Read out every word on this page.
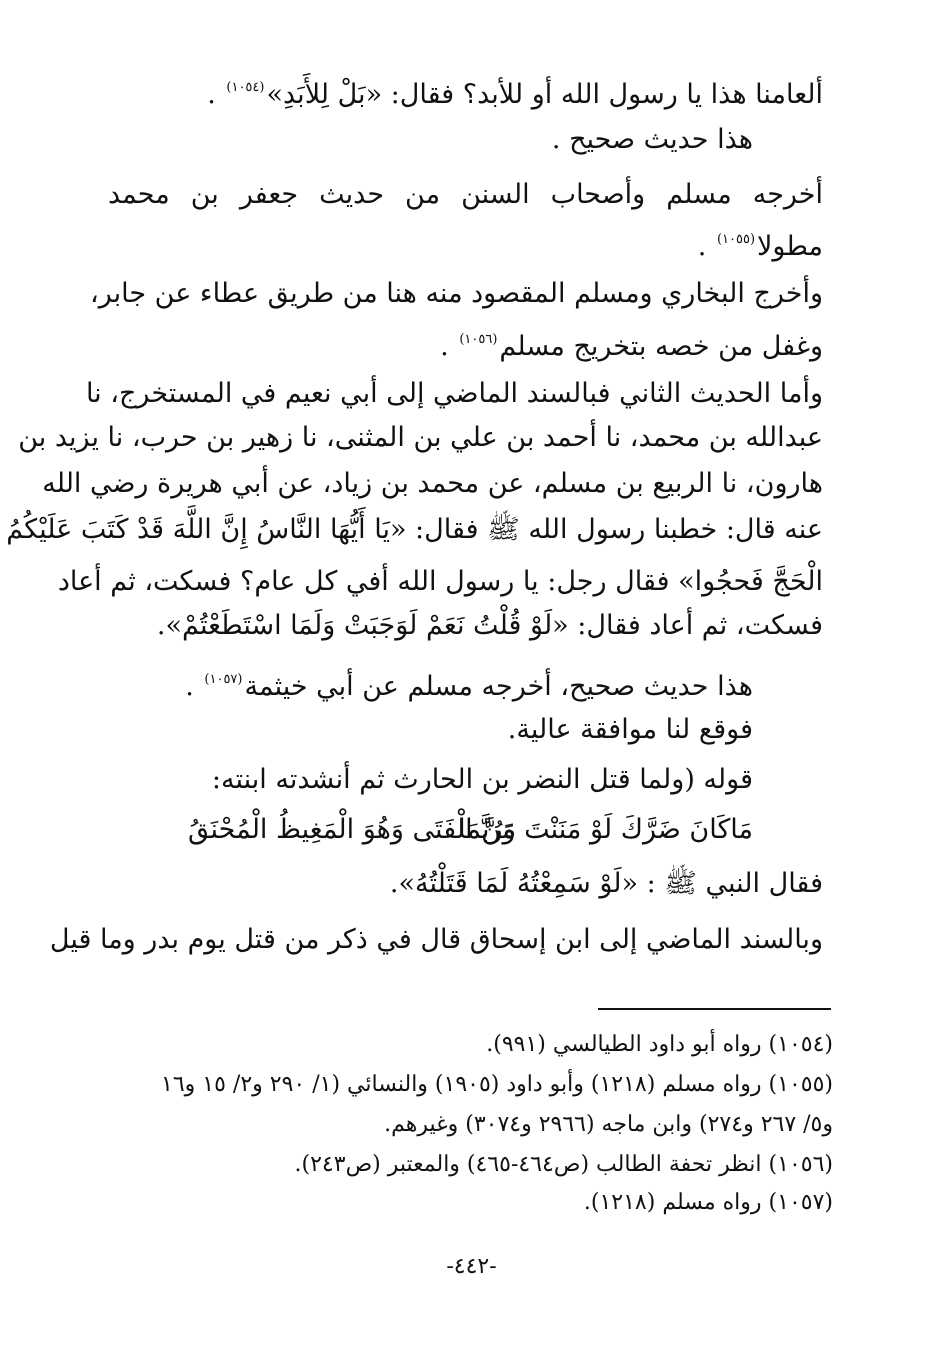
ألعامنا هذا يا رسول الله أو للأبد؟ فقال: «بَلْ لِلأَبَدِ»$^{(١٠٥٤)}$ .

هذا حديث صحيح .

أخرجه مسلم وأصحاب السنن من حديث جعفر بن محمد

مطولا$^{(١٠٥٥)}$ .

وأخرج البخاري ومسلم المقصود منه هنا من طريق عطاء عن جابر،

وغفل من خصه بتخريج مسلم$^{(١٠٥٦)}$ .

وأما الحديث الثاني فبالسند الماضي إلى أبي نعيم في المستخرج، نا

عبدالله بن محمد، نا أحمد بن علي بن المثنى، نا زهير بن حرب، نا يزيد بن

هارون، نا الربيع بن مسلم، عن محمد بن زياد، عن أبي هريرة رضي الله

عنه قال: خطبنا رسول الله ﷺ فقال: «يَا أَيُّهَا النَّاسُ إِنَّ اللَّهَ قَدْ كَتَبَ عَلَيْكُمُ

الْحَجَّ فَحجُوا» فقال رجل: يا رسول الله أفي كل عام؟ فسكت، ثم أعاد

فسكت، ثم أعاد فقال: «لَوْ قُلْتُ نَعَمْ لَوَجَبَتْ وَلَمَا اسْتَطَعْتُمْ».

هذا حديث صحيح، أخرجه مسلم عن أبي خيثمة$^{(١٠٥٧)}$ .

فوقع لنا موافقة عالية.

قوله (ولما قتل النضر بن الحارث ثم أنشدته ابنته:

مَاكَانَ ضَرَّكَ لَوْ مَنَنْتَ وَرُبَّمَا
مَنَّ الْفَتَى وَهُوَ الْمَغِيظُ الْمُحْنَقُ

فقال النبي ﷺ : «لَوْ سَمِعْتُهُ لَمَا قَتَلْتُهُ».

وبالسند الماضي إلى ابن إسحاق قال في ذكر من قتل يوم بدر وما قيل

(١٠٥٤) رواه أبو داود الطيالسي (٩٩١).

(١٠٥٥) رواه مسلم (١٢١٨) وأبو داود (١٩٠٥) والنسائي (١/ ٢٩٠ و٢/ ١٥ و١٦

و٥/ ٢٦٧ و٢٧٤) وابن ماجه (٢٩٦٦ و٣٠٧٤) وغيرهم.

(١٠٥٦) انظر تحفة الطالب (ص٤٦٤-٤٦٥) والمعتبر (ص٢٤٣).

(١٠٥٧) رواه مسلم (١٢١٨).

-٤٤٢-
